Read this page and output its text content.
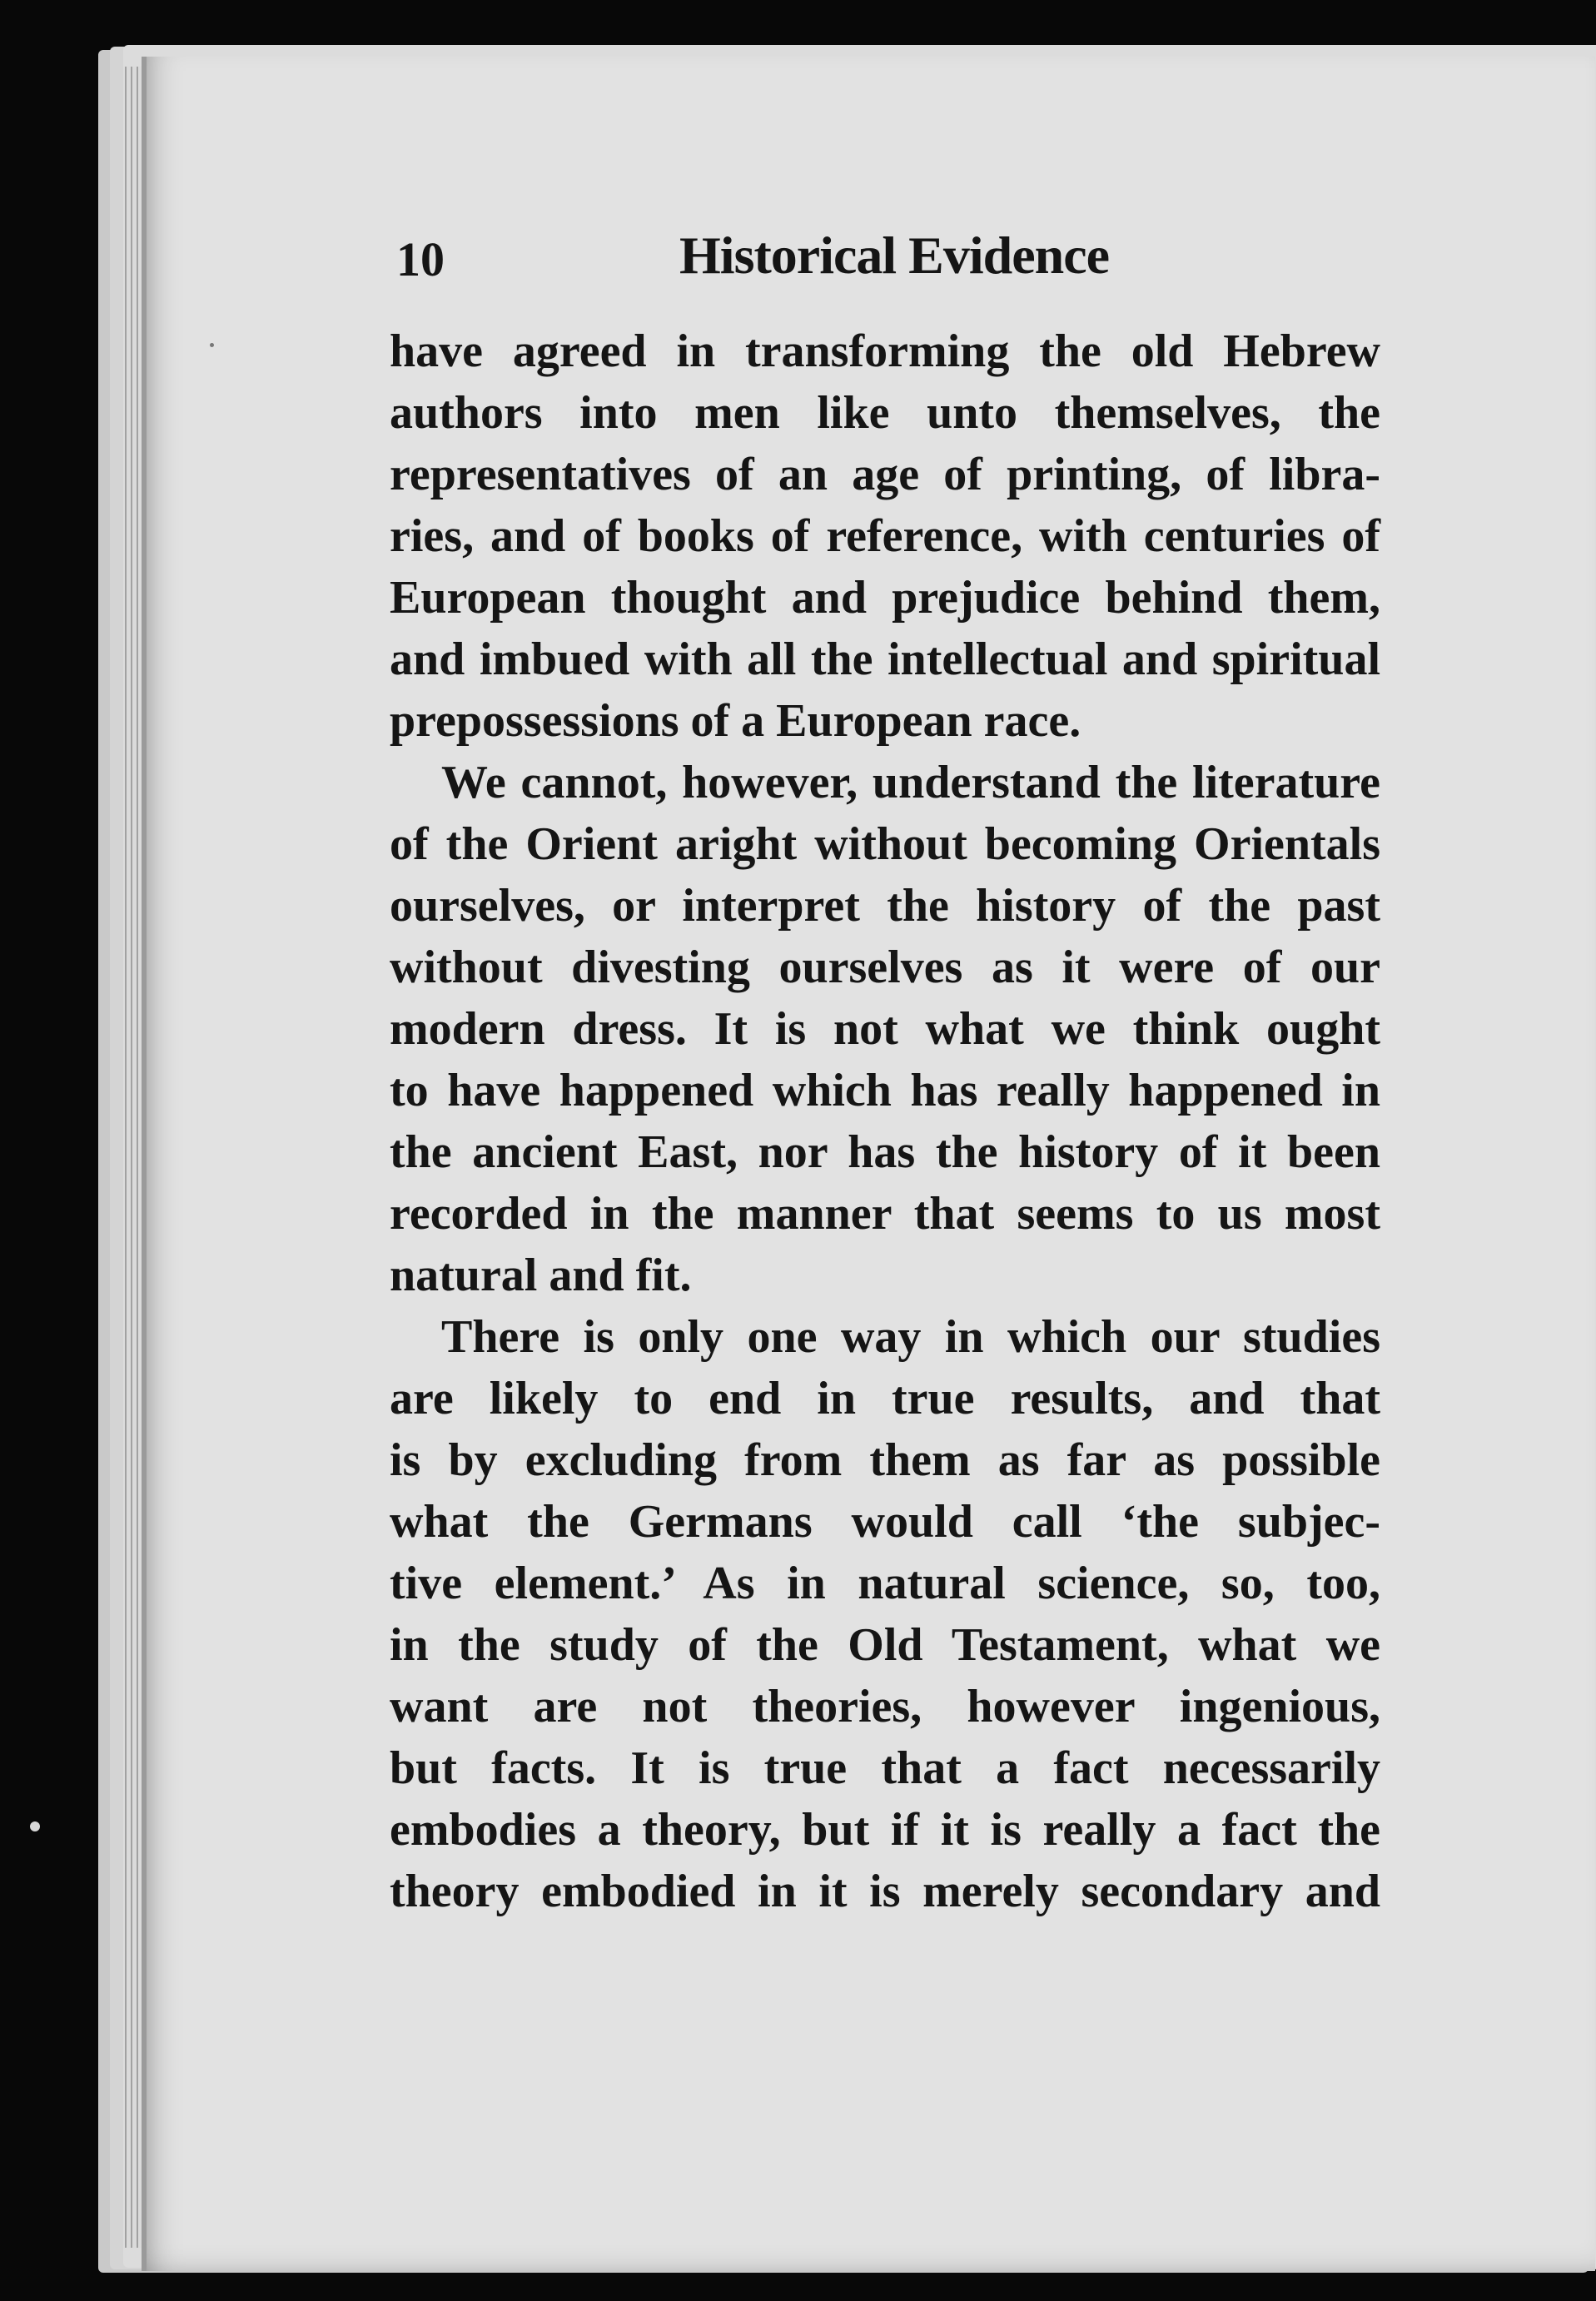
10	Historical Evidence

have agreed in transforming the old Hebrew
authors into men like unto themselves, the
representatives of an age of printing, of libra-
ries, and of books of reference, with centuries of
European thought and prejudice behind them,
and imbued with all the intellectual and spiritual
prepossessions of a European race.

We cannot, however, understand the literature
of the Orient aright without becoming Orientals
ourselves, or interpret the history of the past
without divesting ourselves as it were of our
modern dress. It is not what we think ought
to have happened which has really happened in
the ancient East, nor has the history of it been
recorded in the manner that seems to us most
natural and fit.

There is only one way in which our studies
are likely to end in true results, and that
is by excluding from them as far as possible
what the Germans would call ‘the subjec-
tive element.’ As in natural science, so, too,
in the study of the Old Testament, what we
want are not theories, however ingenious,
but facts. It is true that a fact necessarily
embodies a theory, but if it is really a fact the
theory embodied in it is merely secondary and
